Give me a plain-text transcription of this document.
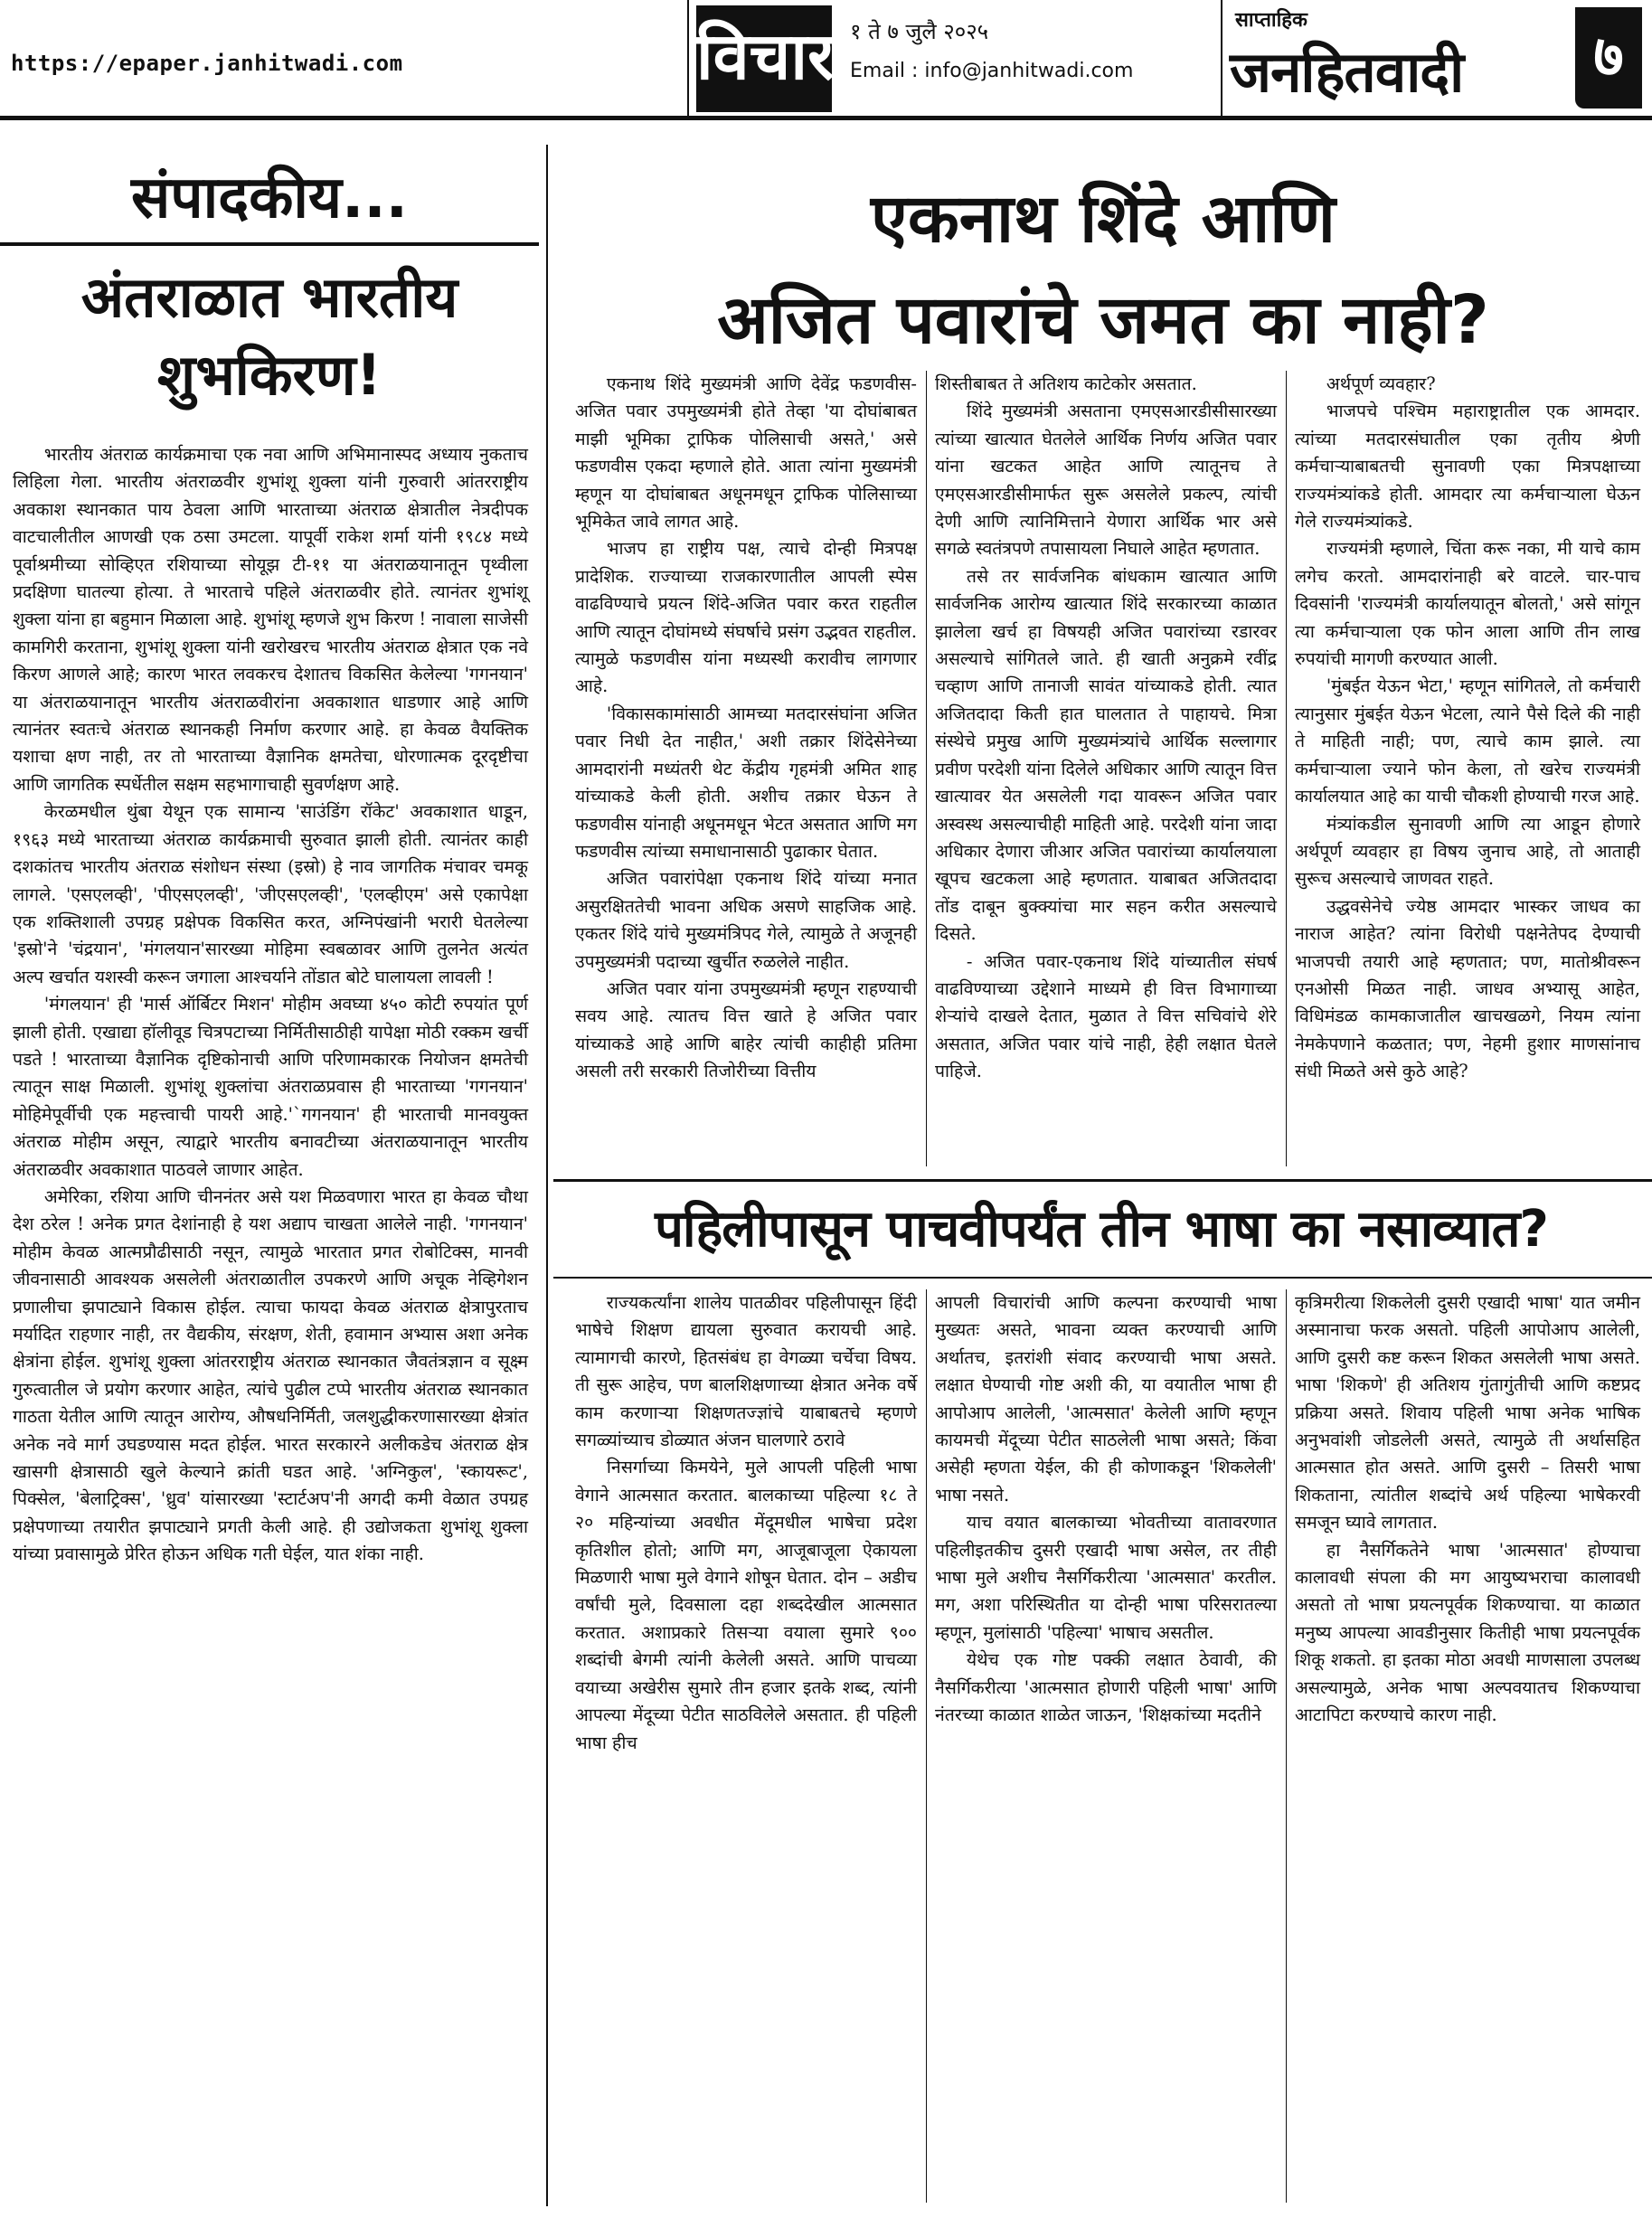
https://epaper.janhitwadi.com	विचार १ ते ७ जुलै २०२५
Email : info@janhitwadi.com
साप्ताहिक
जनहितवादी	७
संपादकीय...
अंतराळात भारतीय
शुभकिरण!

भारतीय अंतराळ कार्यक्रमाचा एक नवा आणि अभिमानास्पद अध्याय नुकताच लिहिला गेला. भारतीय अंतराळवीर शुभांशू शुक्ला यांनी गुरुवारी आंतरराष्ट्रीय अवकाश स्थानकात पाय ठेवला आणि भारताच्या अंतराळ क्षेत्रातील नेत्रदीपक वाटचालीतील आणखी एक ठसा उमटला. यापूर्वी राकेश शर्मा यांनी १९८४ मध्ये पूर्वाश्रमीच्या सोव्हिएत रशियाच्या सोयूझ टी-११ या अंतराळयानातून पृथ्वीला प्रदक्षिणा घातल्या होत्या. ते भारताचे पहिले अंतराळवीर होते. त्यानंतर शुभांशू शुक्ला यांना हा बहुमान मिळाला आहे. शुभांशू म्हणजे शुभ किरण ! नावाला साजेसी कामगिरी करताना, शुभांशू शुक्ला यांनी खरोखरच भारतीय अंतराळ क्षेत्रात एक नवे किरण आणले आहे; कारण भारत लवकरच देशातच विकसित केलेल्या 'गगनयान' या अंतराळयानातून भारतीय अंतराळवीरांना अवकाशात धाडणार आहे आणि त्यानंतर स्वतःचे अंतराळ स्थानकही निर्माण करणार आहे. हा केवळ वैयक्तिक यशाचा क्षण नाही, तर तो भारताच्या वैज्ञानिक क्षमतेचा, धोरणात्मक दूरदृष्टीचा आणि जागतिक स्पर्धेतील सक्षम सहभागाचाही सुवर्णक्षण आहे.

केरळमधील थुंबा येथून एक सामान्य 'साउंडिंग रॉकेट' अवकाशात धाडून, १९६३ मध्ये भारताच्या अंतराळ कार्यक्रमाची सुरुवात झाली होती. त्यानंतर काही दशकांतच भारतीय अंतराळ संशोधन संस्था (इस्रो) हे नाव जागतिक मंचावर चमकू लागले. 'एसएलव्ही', 'पीएसएलव्ही', 'जीएसएलव्ही', 'एलव्हीएम' असे एकापेक्षा एक शक्तिशाली उपग्रह प्रक्षेपक विकसित करत, अग्निपंखांनी भरारी घेतलेल्या 'इस्रो'ने 'चंद्रयान', 'मंगलयान'सारख्या मोहिमा स्वबळावर आणि तुलनेत अत्यंत अल्प खर्चात यशस्वी करून जगाला आश्चर्याने तोंडात बोटे घालायला लावली !

'मंगलयान' ही 'मार्स ऑर्बिटर मिशन' मोहीम अवघ्या ४५० कोटी रुपयांत पूर्ण झाली होती. एखाद्या हॉलीवूड चित्रपटाच्या निर्मितीसाठीही यापेक्षा मोठी रक्कम खर्ची पडते ! भारताच्या वैज्ञानिक दृष्टिकोनाची आणि परिणामकारक नियोजन क्षमतेची त्यातून साक्ष मिळाली. शुभांशू शुक्लांचा अंतराळप्रवास ही भारताच्या 'गगनयान' मोहिमेपूर्वीची एक महत्त्वाची पायरी आहे.'`गगनयान' ही भारताची मानवयुक्त अंतराळ मोहीम असून, त्याद्वारे भारतीय बनावटीच्या अंतराळयानातून भारतीय अंतराळवीर अवकाशात पाठवले जाणार आहेत.

अमेरिका, रशिया आणि चीननंतर असे यश मिळवणारा भारत हा केवळ चौथा देश ठरेल ! अनेक प्रगत देशांनाही हे यश अद्याप चाखता आलेले नाही. 'गगनयान' मोहीम केवळ आत्मप्रौढीसाठी नसून, त्यामुळे भारतात प्रगत रोबोटिक्स, मानवी जीवनासाठी आवश्यक असलेली अंतराळातील उपकरणे आणि अचूक नेव्हिगेशन प्रणालीचा झपाट्याने विकास होईल. त्याचा फायदा केवळ अंतराळ क्षेत्रापुरताच मर्यादित राहणार नाही, तर वैद्यकीय, संरक्षण, शेती, हवामान अभ्यास अशा अनेक क्षेत्रांना होईल. शुभांशू शुक्ला आंतरराष्ट्रीय अंतराळ स्थानकात जैवतंत्रज्ञान व सूक्ष्म गुरुत्वातील जे प्रयोग करणार आहेत, त्यांचे पुढील टप्पे भारतीय अंतराळ स्थानकात गाठता येतील आणि त्यातून आरोग्य, औषधनिर्मिती, जलशुद्धीकरणासारख्या क्षेत्रांत अनेक नवे मार्ग उघडण्यास मदत होईल. भारत सरकारने अलीकडेच अंतराळ क्षेत्र खासगी क्षेत्रासाठी खुले केल्याने क्रांती घडत आहे. 'अग्निकुल', 'स्कायरूट', पिक्सेल, 'बेलाट्रिक्स', 'ध्रुव' यांसारख्या 'स्टार्टअप'नी अगदी कमी वेळात उपग्रह प्रक्षेपणाच्या तयारीत झपाट्याने प्रगती केली आहे. ही उद्योजकता शुभांशू शुक्ला यांच्या प्रवासामुळे प्रेरित होऊन अधिक गती घेईल, यात शंका नाही.

एकनाथ शिंदे आणि
अजित पवारांचे जमत का नाही?

एकनाथ शिंदे मुख्यमंत्री आणि देवेंद्र फडणवीस-अजित पवार उपमुख्यमंत्री होते तेव्हा 'या दोघांबाबत माझी भूमिका ट्राफिक पोलिसाची असते,' असे फडणवीस एकदा म्हणाले होते. आता त्यांना मुख्यमंत्री म्हणून या दोघांबाबत अधूनमधून ट्राफिक पोलिसाच्या भूमिकेत जावे लागत आहे.

भाजप हा राष्ट्रीय पक्ष, त्याचे दोन्ही मित्रपक्ष प्रादेशिक. राज्याच्या राजकारणातील आपली स्पेस वाढविण्याचे प्रयत्न शिंदे-अजित पवार करत राहतील आणि त्यातून दोघांमध्ये संघर्षाचे प्रसंग उद्भवत राहतील. त्यामुळे फडणवीस यांना मध्यस्थी करावीच लागणार आहे.

'विकासकामांसाठी आमच्या मतदारसंघांना अजित पवार निधी देत नाहीत,' अशी तक्रार शिंदेसेनेच्या आमदारांनी मध्यंतरी थेट केंद्रीय गृहमंत्री अमित शाह यांच्याकडे केली होती. अशीच तक्रार घेऊन ते फडणवीस यांनाही अधूनमधून भेटत असतात आणि मग फडणवीस त्यांच्या समाधानासाठी पुढाकार घेतात.

अजित पवारांपेक्षा एकनाथ शिंदे यांच्या मनात असुरक्षिततेची भावना अधिक असणे साहजिक आहे. एकतर शिंदे यांचे मुख्यमंत्रिपद गेले, त्यामुळे ते अजूनही उपमुख्यमंत्री पदाच्या खुर्चीत रुळलेले नाहीत.

अजित पवार यांना उपमुख्यमंत्री म्हणून राहण्याची सवय आहे. त्यातच वित्त खाते हे अजित पवार यांच्याकडे आहे आणि बाहेर त्यांची काहीही प्रतिमा असली तरी सरकारी तिजोरीच्या वित्तीय

शिस्तीबाबत ते अतिशय काटेकोर असतात.

शिंदे मुख्यमंत्री असताना एमएसआरडीसीसारख्या त्यांच्या खात्यात घेतलेले आर्थिक निर्णय अजित पवार यांना खटकत आहेत आणि त्यातूनच ते एमएसआरडीसीमार्फत सुरू असलेले प्रकल्प, त्यांची देणी आणि त्यानिमित्ताने येणारा आर्थिक भार असे सगळे स्वतंत्रपणे तपासायला निघाले आहेत म्हणतात.

तसे तर सार्वजनिक बांधकाम खात्यात आणि सार्वजनिक आरोग्य खात्यात शिंदे सरकारच्या काळात झालेला खर्च हा विषयही अजित पवारांच्या रडारवर असल्याचे सांगितले जाते. ही खाती अनुक्रमे रवींद्र चव्हाण आणि तानाजी सावंत यांच्याकडे होती. त्यात अजितदादा किती हात घालतात ते पाहायचे. मित्रा संस्थेचे प्रमुख आणि मुख्यमंत्र्यांचे आर्थिक सल्लागार प्रवीण परदेशी यांना दिलेले अधिकार आणि त्यातून वित्त खात्यावर येत असलेली गदा यावरून अजित पवार अस्वस्थ असल्याचीही माहिती आहे. परदेशी यांना जादा अधिकार देणारा जीआर अजित पवारांच्या कार्यालयाला खूपच खटकला आहे म्हणतात. याबाबत अजितदादा तोंड दाबून बुक्क्यांचा मार सहन करीत असल्याचे दिसते.

- अजित पवार-एकनाथ शिंदे यांच्यातील संघर्ष वाढविण्याच्या उद्देशाने माध्यमे ही वित्त विभागाच्या शेऱ्यांचे दाखले देतात, मुळात ते वित्त सचिवांचे शेरे असतात, अजित पवार यांचे नाही, हेही लक्षात घेतले पाहिजे.

अर्थपूर्ण व्यवहार?

भाजपचे पश्चिम महाराष्ट्रातील एक आमदार. त्यांच्या मतदारसंघातील एका तृतीय श्रेणी कर्मचाऱ्याबाबतची सुनावणी एका मित्रपक्षाच्या राज्यमंत्र्यांकडे होती. आमदार त्या कर्मचाऱ्याला घेऊन गेले राज्यमंत्र्यांकडे.

राज्यमंत्री म्हणाले, चिंता करू नका, मी याचे काम लगेच करतो. आमदारांनाही बरे वाटले. चार-पाच दिवसांनी 'राज्यमंत्री कार्यालयातून बोलतो,' असे सांगून त्या कर्मचाऱ्याला एक फोन आला आणि तीन लाख रुपयांची मागणी करण्यात आली.

'मुंबईत येऊन भेटा,' म्हणून सांगितले, तो कर्मचारी त्यानुसार मुंबईत येऊन भेटला, त्याने पैसे दिले की नाही ते माहिती नाही; पण, त्याचे काम झाले. त्या कर्मचाऱ्याला ज्याने फोन केला, तो खरेच राज्यमंत्री कार्यालयात आहे का याची चौकशी होण्याची गरज आहे.

मंत्र्यांकडील सुनावणी आणि त्या आडून होणारे अर्थपूर्ण व्यवहार हा विषय जुनाच आहे, तो आताही सुरूच असल्याचे जाणवत राहते.

उद्धवसेनेचे ज्येष्ठ आमदार भास्कर जाधव का नाराज आहेत? त्यांना विरोधी पक्षनेतेपद देण्याची भाजपची तयारी आहे म्हणतात; पण, मातोश्रीवरून एनओसी मिळत नाही. जाधव अभ्यासू आहेत, विधिमंडळ कामकाजातील खाचखळगे, नियम त्यांना नेमकेपणाने कळतात; पण, नेहमी हुशार माणसांनाच संधी मिळते असे कुठे आहे?

पहिलीपासून पाचवीपर्यंत तीन भाषा का नसाव्यात?

राज्यकर्त्यांना शालेय पातळीवर पहिलीपासून हिंदी भाषेचे शिक्षण द्यायला सुरुवात करायची आहे. त्यामागची कारणे, हितसंबंध हा वेगळ्या चर्चेचा विषय. ती सुरू आहेच, पण बालशिक्षणाच्या क्षेत्रात अनेक वर्षे काम करणाऱ्या शिक्षणतज्ज्ञांचे याबाबतचे म्हणणे सगळ्यांच्याच डोळ्यात अंजन घालणारे ठरावे

निसर्गाच्या किमयेने, मुले आपली पहिली भाषा वेगाने आत्मसात करतात. बालकाच्या पहिल्या १८ ते २० महिन्यांच्या अवधीत मेंदूमधील भाषेचा प्रदेश कृतिशील होतो; आणि मग, आजूबाजूला ऐकायला मिळणारी भाषा मुले वेगाने शोषून घेतात. दोन – अडीच वर्षांची मुले, दिवसाला दहा शब्ददेखील आत्मसात करतात. अशाप्रकारे तिसऱ्या वयाला सुमारे ९०० शब्दांची बेगमी त्यांनी केलेली असते. आणि पाचव्या वयाच्या अखेरीस सुमारे तीन हजार इतके शब्द, त्यांनी आपल्या मेंदूच्या पेटीत साठविलेले असतात. ही पहिली भाषा हीच

आपली विचारांची आणि कल्पना करण्याची भाषा मुख्यतः असते, भावना व्यक्त करण्याची आणि अर्थातच, इतरांशी संवाद करण्याची भाषा असते. लक्षात घेण्याची गोष्ट अशी की, या वयातील भाषा ही आपोआप आलेली, 'आत्मसात' केलेली आणि म्हणून कायमची मेंदूच्या पेटीत साठलेली भाषा असते; किंवा असेही म्हणता येईल, की ही कोणाकडून 'शिकलेली' भाषा नसते.

याच वयात बालकाच्या भोवतीच्या वातावरणात पहिलीइतकीच दुसरी एखादी भाषा असेल, तर तीही भाषा मुले अशीच नैसर्गिकरीत्या 'आत्मसात' करतील. मग, अशा परिस्थितीत या दोन्ही भाषा परिसरातल्या म्हणून, मुलांसाठी 'पहिल्या' भाषाच असतील.

येथेच एक गोष्ट पक्की लक्षात ठेवावी, की नैसर्गिकरीत्या 'आत्मसात होणारी पहिली भाषा' आणि नंतरच्या काळात शाळेत जाऊन, 'शिक्षकांच्या मदतीने

कृत्रिमरीत्या शिकलेली दुसरी एखादी भाषा' यात जमीन अस्मानाचा फरक असतो. पहिली आपोआप आलेली, आणि दुसरी कष्ट करून शिकत असलेली भाषा असते. भाषा 'शिकणे' ही अतिशय गुंतागुंतीची आणि कष्टप्रद प्रक्रिया असते. शिवाय पहिली भाषा अनेक भाषिक अनुभवांशी जोडलेली असते, त्यामुळे ती अर्थासहित आत्मसात होत असते. आणि दुसरी – तिसरी भाषा शिकताना, त्यांतील शब्दांचे अर्थ पहिल्या भाषेकरवी समजून घ्यावे लागतात.

हा नैसर्गिकतेने भाषा 'आत्मसात' होण्याचा कालावधी संपला की मग आयुष्यभराचा कालावधी असतो तो भाषा प्रयत्नपूर्वक शिकण्याचा. या काळात मनुष्य आपल्या आवडीनुसार कितीही भाषा प्रयत्नपूर्वक शिकू शकतो. हा इतका मोठा अवधी माणसाला उपलब्ध असल्यामुळे, अनेक भाषा अल्पवयातच शिकण्याचा आटापिटा करण्याचे कारण नाही.
